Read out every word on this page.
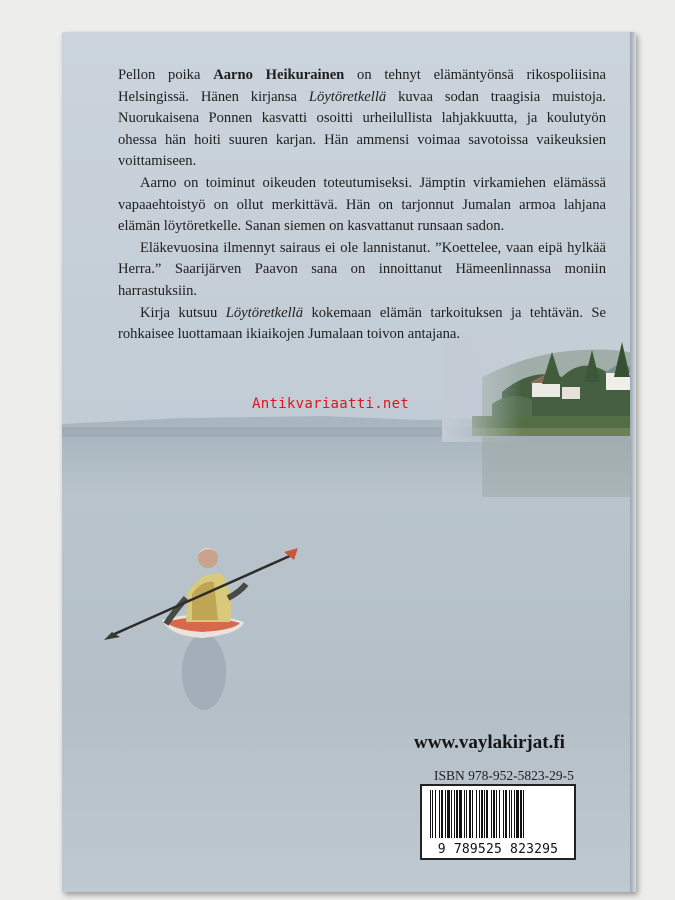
Pellon poika Aarno Heikurainen on tehnyt elämäntyönsä rikospoliisina Helsingissä. Hänen kirjansa Löytöretkellä kuvaa sodan traagisia muistoja. Nuorukaisena Ponnen kasvatti osoitti urheilullista lahjakkuutta, ja koulutyön ohessa hän hoiti suuren karjan. Hän ammensi voimaa savotoissa vaikeuksien voittamiseen.

Aarno on toiminut oikeuden toteutumiseksi. Jämptin virkamiehen elämässä vapaaehtoistyö on ollut merkittävä. Hän on tarjonnut Jumalan armoa lahjana elämän löytöretkelle. Sanan siemen on kasvattanut runsaan sadon.

Eläkevuosina ilmennyt sairaus ei ole lannistanut. ”Koettelee, vaan eipä hylkää Herra.” Saarijärven Paavon sana on innoittanut Hämeenlinnassa moniin harrastuksiin.

Kirja kutsuu Löytöretkellä kokemaan elämän tarkoituksen ja tehtävän. Se rohkaisee luottamaan ikiaikojen Jumalaan toivon antajana.

Antikvariaatti.net
www.vaylakirjat.fi
ISBN 978-952-5823-29-5
9 789525 823295
